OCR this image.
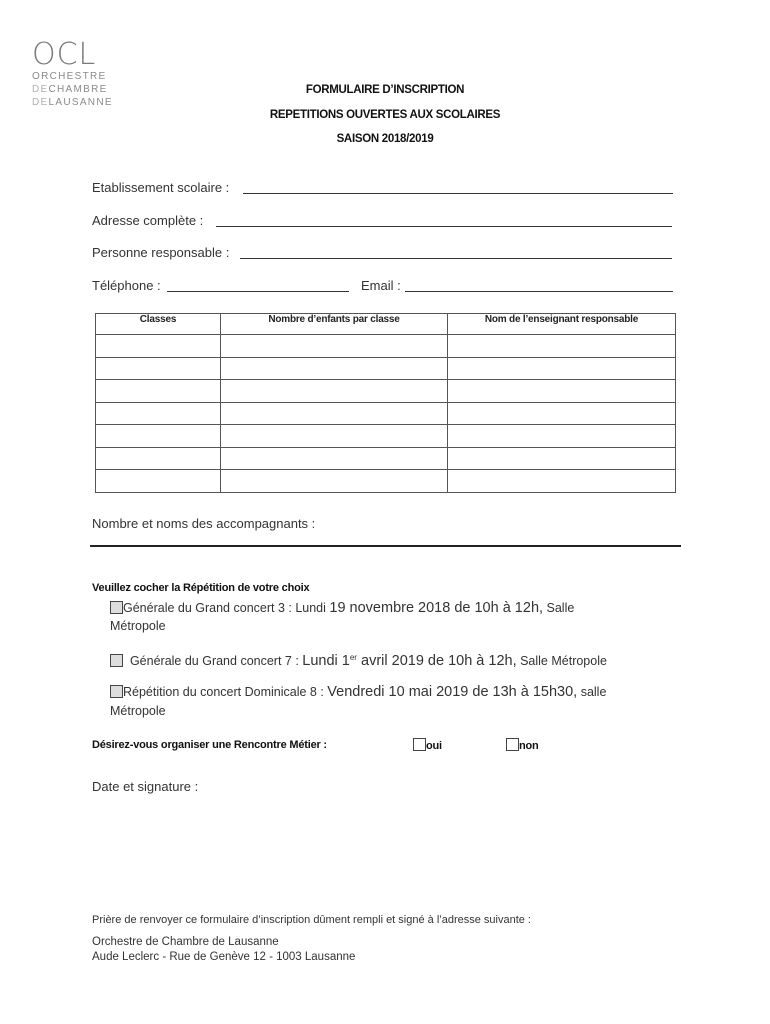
OCL
ORCHESTRE
DECHAMBRE
DELAUSANNE
FORMULAIRE D’INSCRIPTION
REPETITIONS OUVERTES AUX SCOLAIRES
SAISON 2018/2019
Etablissement scolaire :
Adresse complète :
Personne responsable :
Téléphone :	Email :
Classes	Nombre d’enfants par classe	Nom de l’enseignant responsable

Nombre et noms des accompagnants :
Veuillez cocher la Répétition de votre choix
Générale du Grand concert 3 : Lundi 19 novembre 2018 de 10h à 12h, Salle
Métropole
Générale du Grand concert 7 : Lundi 1er avril 2019 de 10h à 12h, Salle Métropole
Répétition du concert Dominicale 8 : Vendredi 10 mai 2019 de 13h à 15h30, salle
Métropole
Désirez-vous organiser une Rencontre Métier :	oui	non
Date et signature :
Prière de renvoyer ce formulaire d’inscription dûment rempli et signé à l’adresse suivante :
Orchestre de Chambre de Lausanne
Aude Leclerc - Rue de Genève 12 - 1003 Lausanne
